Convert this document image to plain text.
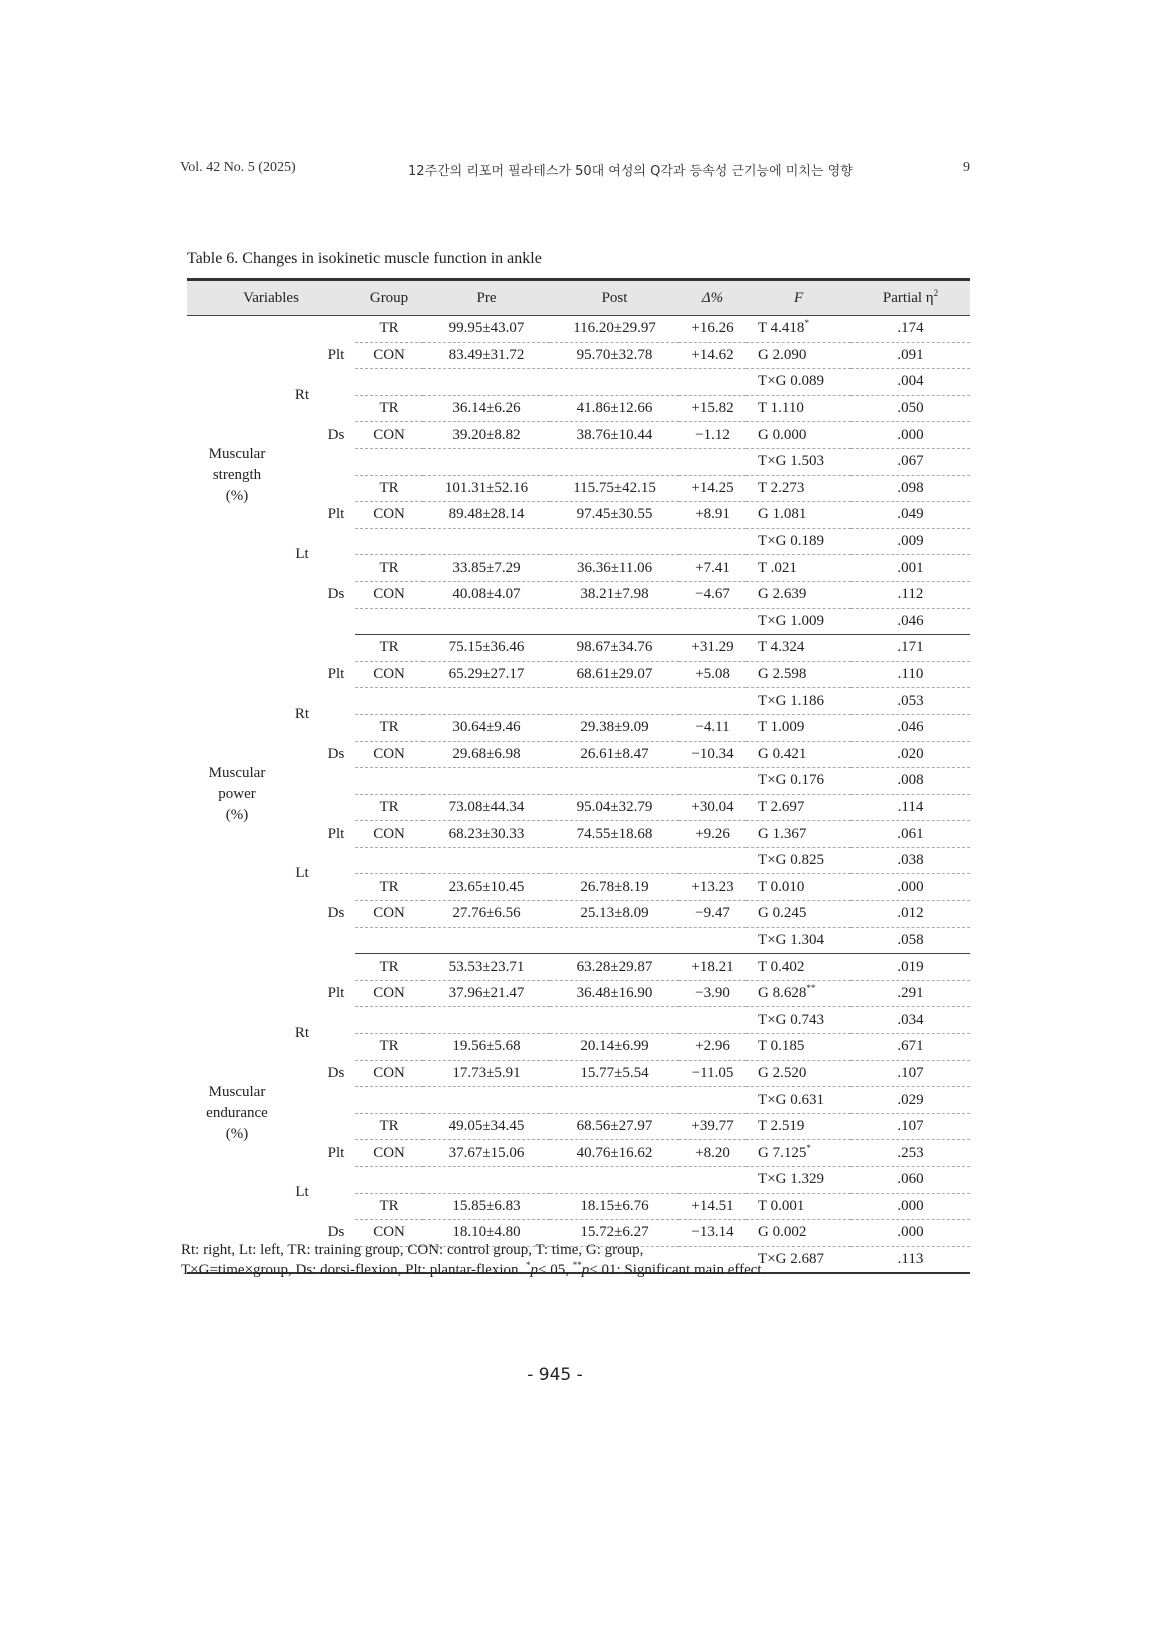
Vol. 42 No. 5 (2025)	12주간의 리포머 필라테스가 50대 여성의 Q각과 등속성 근기능에 미치는 영향	9
Table 6. Changes in isokinetic muscle function in ankle
Variables			Group	Pre	Post	Δ%	F	Partial $\eta^2$

Muscular
strength
(%)	Rt	Plt	TR	99.95±43.07	116.20±29.97	+16.26	T 4.418*	.174
			CON	83.49±31.72	95.70±32.78	+14.62	G 2.090	.091
							T×G 0.089	.004
		Ds	TR	36.14±6.26	41.86±12.66	+15.82	T 1.110	.050
			CON	39.20±8.82	38.76±10.44	−1.12	G 0.000	.000
							T×G 1.503	.067
	Lt	Plt	TR	101.31±52.16	115.75±42.15	+14.25	T 2.273	.098
			CON	89.48±28.14	97.45±30.55	+8.91	G 1.081	.049
							T×G 0.189	.009
		Ds	TR	33.85±7.29	36.36±11.06	+7.41	T .021	.001
			CON	40.08±4.07	38.21±7.98	−4.67	G 2.639	.112
							T×G 1.009	.046

Muscular
power
(%)	Rt	Plt	TR	75.15±36.46	98.67±34.76	+31.29	T 4.324	.171
			CON	65.29±27.17	68.61±29.07	+5.08	G 2.598	.110
							T×G 1.186	.053
		Ds	TR	30.64±9.46	29.38±9.09	−4.11	T 1.009	.046
			CON	29.68±6.98	26.61±8.47	−10.34	G 0.421	.020
							T×G 0.176	.008
	Lt	Plt	TR	73.08±44.34	95.04±32.79	+30.04	T 2.697	.114
			CON	68.23±30.33	74.55±18.68	+9.26	G 1.367	.061
							T×G 0.825	.038
		Ds	TR	23.65±10.45	26.78±8.19	+13.23	T 0.010	.000
			CON	27.76±6.56	25.13±8.09	−9.47	G 0.245	.012
							T×G 1.304	.058

Muscular
endurance
(%)	Rt	Plt	TR	53.53±23.71	63.28±29.87	+18.21	T 0.402	.019
			CON	37.96±21.47	36.48±16.90	−3.90	G 8.628**	.291
							T×G 0.743	.034
		Ds	TR	19.56±5.68	20.14±6.99	+2.96	T 0.185	.671
			CON	17.73±5.91	15.77±5.54	−11.05	G 2.520	.107
							T×G 0.631	.029
	Lt	Plt	TR	49.05±34.45	68.56±27.97	+39.77	T 2.519	.107
			CON	37.67±15.06	40.76±16.62	+8.20	G 7.125*	.253
							T×G 1.329	.060
		Ds	TR	15.85±6.83	18.15±6.76	+14.51	T 0.001	.000
			CON	18.10±4.80	15.72±6.27	−13.14	G 0.002	.000
							T×G 2.687	.113
Rt: right, Lt: left, TR: training group, CON: control group, T: time, G: group,
T×G=time×group, Ds: dorsi-flexion, Plt: plantar-flexion. *p<.05, **p<.01: Significant main effect.
- 945 -
